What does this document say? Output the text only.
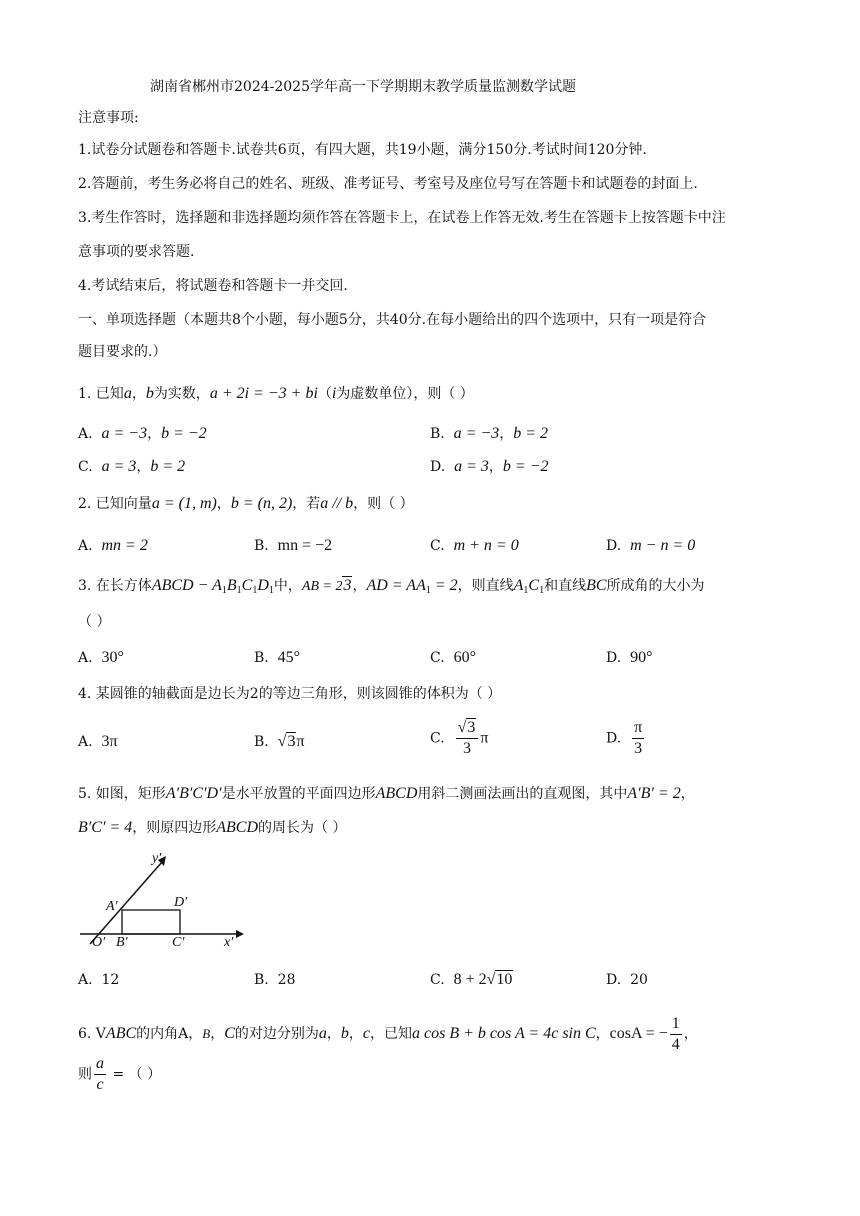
湖南省郴州市2024-2025学年高一下学期期末教学质量监测数学试题
注意事项:
1.试卷分试题卷和答题卡.试卷共6页，有四大题，共19小题，满分150分.考试时间120分钟.
2.答题前，考生务必将自己的姓名、班级、准考证号、考室号及座位号写在答题卡和试题卷的封面上.
3.考生作答时，选择题和非选择题均须作答在答题卡上，在试卷上作答无效.考生在答题卡上按答题卡中注
意事项的要求答题.
4.考试结束后，将试题卷和答题卡一并交回.
一、单项选择题（本题共8个小题，每小题5分，共40分.在每小题给出的四个选项中，只有一项是符合
题目要求的.）
1. 已知a，b为实数，a + 2i = −3 + bi（i为虚数单位），则（ ）
A. a = −3，b = −2	B. a = −3，b = 2
C. a = 3，b = 2	D. a = 3，b = −2
2. 已知向量a = (1, m)，b = (n, 2)，若a // b，则（ ）
A. mn = 2	B. mn = −2	C. m + n = 0	D. m − n = 0
3. 在长方体ABCD − $A_1B_1C_1D_1$中，AB = 23，AD = $AA_1 = 2$，则直线$A_1C_1$和直线BC所成角的大小为
（ ）
A. 30°	B. 45°	C. 60°	D. 90°
4. 某圆锥的轴截面是边长为2的等边三角形，则该圆锥的体积为（ ）
A. 3π	B. √3π	C. $\frac{√3}{3}$ π	D. $\frac{\pi}{3}$
5. 如图，矩形A′B′C′D′是水平放置的平面四边形ABCD用斜二测画法画出的直观图，其中A′B′ = 2，
B′C′ = 4，则原四边形ABCD的周长为（ ）
y′
x′
O′
A′
B′	C′
D′
A. 12	B. 28	C. 8 + 2√10	D. 20
6. VABC的内角A，B，C的对边分别为a，b，c，已知a cos B + b cos A = 4c sin C，cosA = − $\frac{1}{4}$ ，
则 $\frac{a}{c}$ = （ ）
